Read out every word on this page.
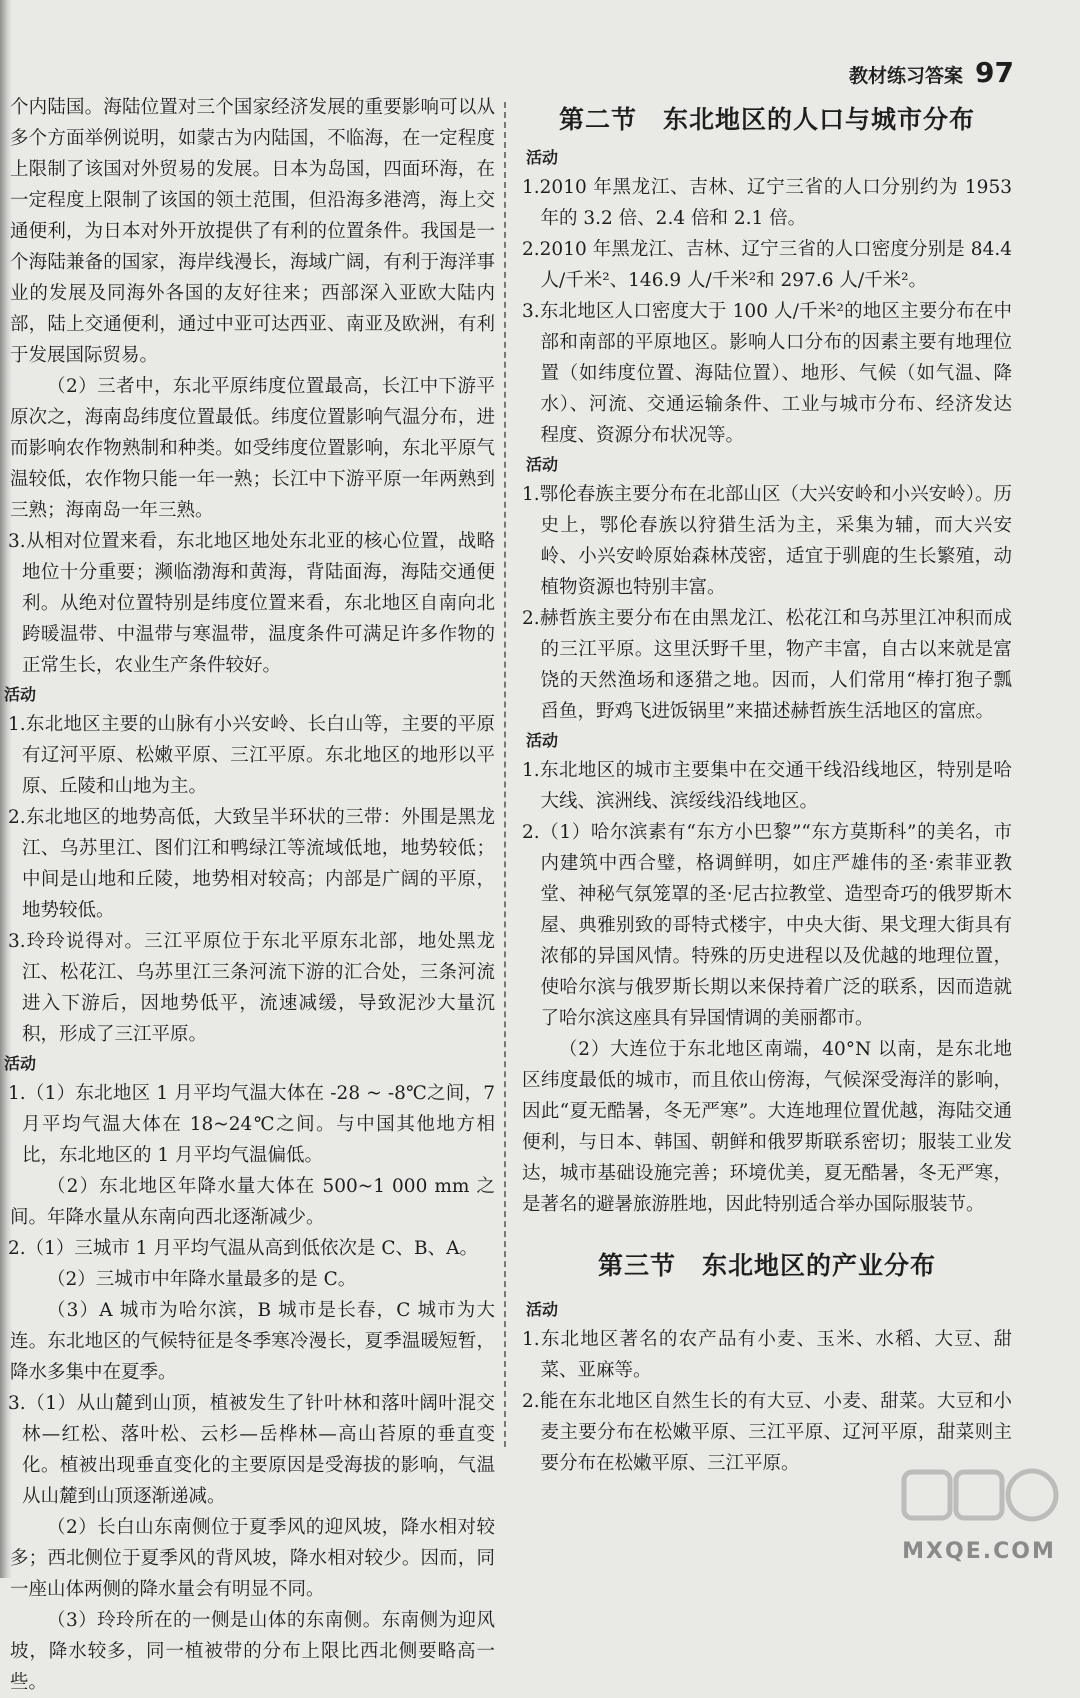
教材练习答案 97

个内陆国。海陆位置对三个国家经济发展的重要影响可以从多个方面举例说明，如蒙古为内陆国，不临海，在一定程度上限制了该国对外贸易的发展。日本为岛国，四面环海，在一定程度上限制了该国的领土范围，但沿海多港湾，海上交通便利，为日本对外开放提供了有利的位置条件。我国是一个海陆兼备的国家，海岸线漫长，海域广阔，有利于海洋事业的发展及同海外各国的友好往来；西部深入亚欧大陆内部，陆上交通便利，通过中亚可达西亚、南亚及欧洲，有利于发展国际贸易。

（2）三者中，东北平原纬度位置最高，长江中下游平原次之，海南岛纬度位置最低。纬度位置影响气温分布，进而影响农作物熟制和种类。如受纬度位置影响，东北平原气温较低，农作物只能一年一熟；长江中下游平原一年两熟到三熟；海南岛一年三熟。

3.从相对位置来看，东北地区地处东北亚的核心位置，战略地位十分重要；濒临渤海和黄海，背陆面海，海陆交通便利。从绝对位置特别是纬度位置来看，东北地区自南向北跨暖温带、中温带与寒温带，温度条件可满足许多作物的正常生长，农业生产条件较好。

活动

1.东北地区主要的山脉有小兴安岭、长白山等，主要的平原有辽河平原、松嫩平原、三江平原。东北地区的地形以平原、丘陵和山地为主。

2.东北地区的地势高低，大致呈半环状的三带：外围是黑龙江、乌苏里江、图们江和鸭绿江等流域低地，地势较低；中间是山地和丘陵，地势相对较高；内部是广阔的平原，地势较低。

3.玲玲说得对。三江平原位于东北平原东北部，地处黑龙江、松花江、乌苏里江三条河流下游的汇合处，三条河流进入下游后，因地势低平，流速减缓，导致泥沙大量沉积，形成了三江平原。

活动

1.（1）东北地区 1 月平均气温大体在 -28 ~ -8℃之间，7 月平均气温大体在 18~24℃之间。与中国其他地方相比，东北地区的 1 月平均气温偏低。

（2）东北地区年降水量大体在 500~1 000 mm 之间。年降水量从东南向西北逐渐减少。

2.（1）三城市 1 月平均气温从高到低依次是 C、B、A。

（2）三城市中年降水量最多的是 C。

（3）A 城市为哈尔滨，B 城市是长春，C 城市为大连。东北地区的气候特征是冬季寒冷漫长，夏季温暖短暂，降水多集中在夏季。

3.（1）从山麓到山顶，植被发生了针叶林和落叶阔叶混交林—红松、落叶松、云杉—岳桦林—高山苔原的垂直变化。植被出现垂直变化的主要原因是受海拔的影响，气温从山麓到山顶逐渐递减。

（2）长白山东南侧位于夏季风的迎风坡，降水相对较多；西北侧位于夏季风的背风坡，降水相对较少。因而，同一座山体两侧的降水量会有明显不同。

（3）玲玲所在的一侧是山体的东南侧。东南侧为迎风坡，降水较多，同一植被带的分布上限比西北侧要略高一些。

第二节　东北地区的人口与城市分布
活动

1.2010 年黑龙江、吉林、辽宁三省的人口分别约为 1953 年的 3.2 倍、2.4 倍和 2.1 倍。

2.2010 年黑龙江、吉林、辽宁三省的人口密度分别是 84.4 人/千米²、146.9 人/千米²和 297.6 人/千米²。

3.东北地区人口密度大于 100 人/千米²的地区主要分布在中部和南部的平原地区。影响人口分布的因素主要有地理位置（如纬度位置、海陆位置）、地形、气候（如气温、降水）、河流、交通运输条件、工业与城市分布、经济发达程度、资源分布状况等。

活动

1.鄂伦春族主要分布在北部山区（大兴安岭和小兴安岭）。历史上，鄂伦春族以狩猎生活为主，采集为辅，而大兴安岭、小兴安岭原始森林茂密，适宜于驯鹿的生长繁殖，动植物资源也特别丰富。

2.赫哲族主要分布在由黑龙江、松花江和乌苏里江冲积而成的三江平原。这里沃野千里，物产丰富，自古以来就是富饶的天然渔场和逐猎之地。因而，人们常用“棒打狍子瓢舀鱼，野鸡飞进饭锅里”来描述赫哲族生活地区的富庶。

活动

1.东北地区的城市主要集中在交通干线沿线地区，特别是哈大线、滨洲线、滨绥线沿线地区。

2.（1）哈尔滨素有“东方小巴黎”“东方莫斯科”的美名，市内建筑中西合璧，格调鲜明，如庄严雄伟的圣·索菲亚教堂、神秘气氛笼罩的圣·尼古拉教堂、造型奇巧的俄罗斯木屋、典雅别致的哥特式楼宇，中央大街、果戈理大街具有浓郁的异国风情。特殊的历史进程以及优越的地理位置，使哈尔滨与俄罗斯长期以来保持着广泛的联系，因而造就了哈尔滨这座具有异国情调的美丽都市。

（2）大连位于东北地区南端，40°N 以南，是东北地区纬度最低的城市，而且依山傍海，气候深受海洋的影响，因此“夏无酷暑，冬无严寒”。大连地理位置优越，海陆交通便利，与日本、韩国、朝鲜和俄罗斯联系密切；服装工业发达，城市基础设施完善；环境优美，夏无酷暑，冬无严寒，是著名的避暑旅游胜地，因此特别适合举办国际服装节。

第三节　东北地区的产业分布
活动

1.东北地区著名的农产品有小麦、玉米、水稻、大豆、甜菜、亚麻等。

2.能在东北地区自然生长的有大豆、小麦、甜菜。大豆和小麦主要分布在松嫩平原、三江平原、辽河平原，甜菜则主要分布在松嫩平原、三江平原。

MXQE.COM
